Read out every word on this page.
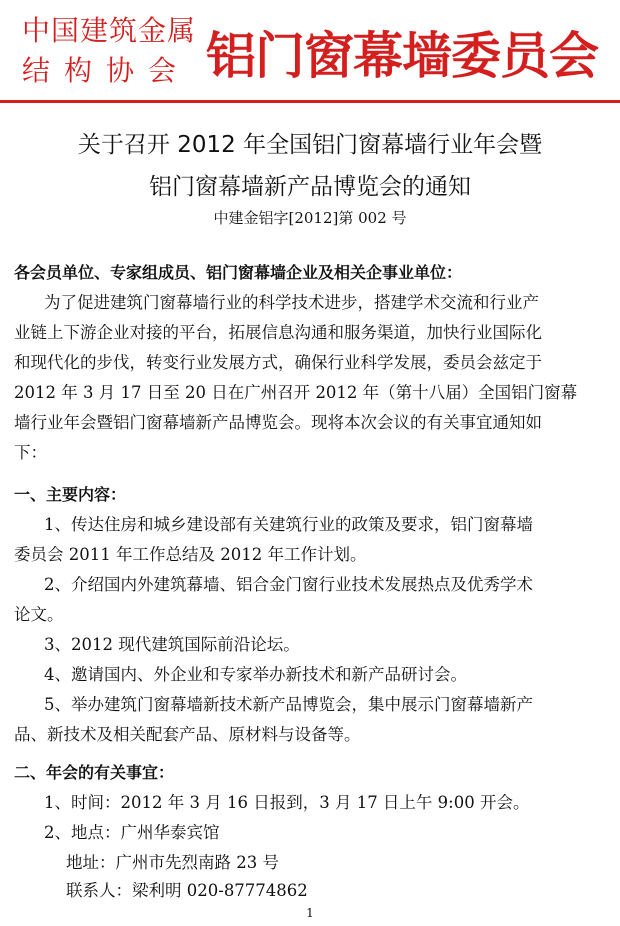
中国建筑金属
结构协会 铝门窗幕墙委员会
关于召开 2012 年全国铝门窗幕墙行业年会暨
铝门窗幕墙新产品博览会的通知
中建金铝字[2012]第 002 号
各会员单位、专家组成员、铝门窗幕墙企业及相关企事业单位：
为了促进建筑门窗幕墙行业的科学技术进步，搭建学术交流和行业产
业链上下游企业对接的平台，拓展信息沟通和服务渠道，加快行业国际化
和现代化的步伐，转变行业发展方式，确保行业科学发展，委员会兹定于
2012 年 3 月 17 日至 20 日在广州召开 2012 年（第十八届）全国铝门窗幕
墙行业年会暨铝门窗幕墙新产品博览会。现将本次会议的有关事宜通知如
下：
一、主要内容：
1、传达住房和城乡建设部有关建筑行业的政策及要求，铝门窗幕墙
委员会 2011 年工作总结及 2012 年工作计划。
2、介绍国内外建筑幕墙、铝合金门窗行业技术发展热点及优秀学术
论文。
3、2012 现代建筑国际前沿论坛。
4、邀请国内、外企业和专家举办新技术和新产品研讨会。
5、举办建筑门窗幕墙新技术新产品博览会，集中展示门窗幕墙新产
品、新技术及相关配套产品、原材料与设备等。
二、年会的有关事宜：
1、时间：2012 年 3 月 16 日报到，3 月 17 日上午 9:00 开会。
2、地点：广州华泰宾馆
地址：广州市先烈南路 23 号
联系人：梁利明 020-87774862
1
